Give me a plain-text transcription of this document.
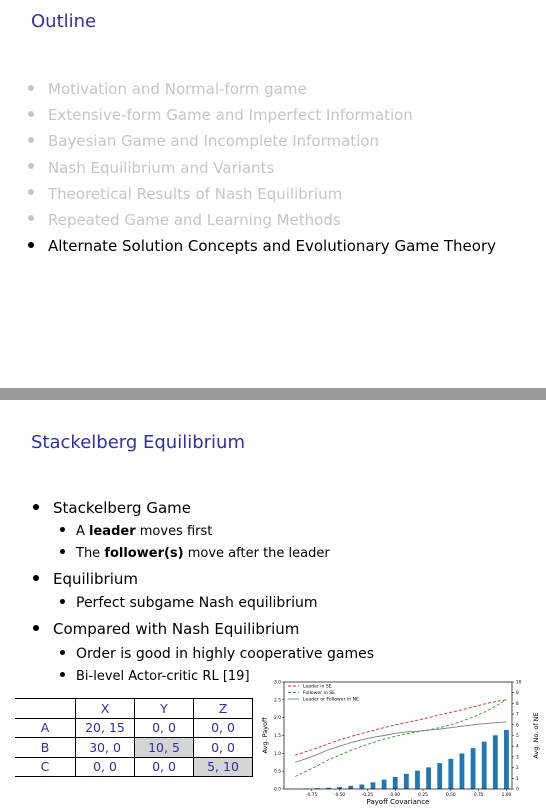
Outline
Motivation and Normal-form game
Extensive-form Game and Imperfect Information
Bayesian Game and Incomplete Information
Nash Equilibrium and Variants
Theoretical Results of Nash Equilibrium
Repeated Game and Learning Methods
Alternate Solution Concepts and Evolutionary Game Theory
Stackelberg Equilibrium
Stackelberg Game
A leader moves first
The follower(s) move after the leader
Equilibrium
Perfect subgame Nash equilibrium
Compared with Nash Equilibrium
Order is good in highly cooperative games
Bi-level Actor-critic RL [19]
	X	Y	Z
A	20, 15	0, 0	0, 0
B	30, 0	10, 5	0, 0
C	0, 0	0, 0	5, 10
-0.75	-0.50	-0.25	0.00	0.25	0.50	0.75	1.00
0.0
0.5
1.0
1.5
2.0
2.5
3.0
0
1
2
3
4
5
6
7
8
9
10
Payoff Covariance
Avg. Payoff	Avg. No. of NE
Leader in SE
Follower in SE
Leader or Follower in NE
